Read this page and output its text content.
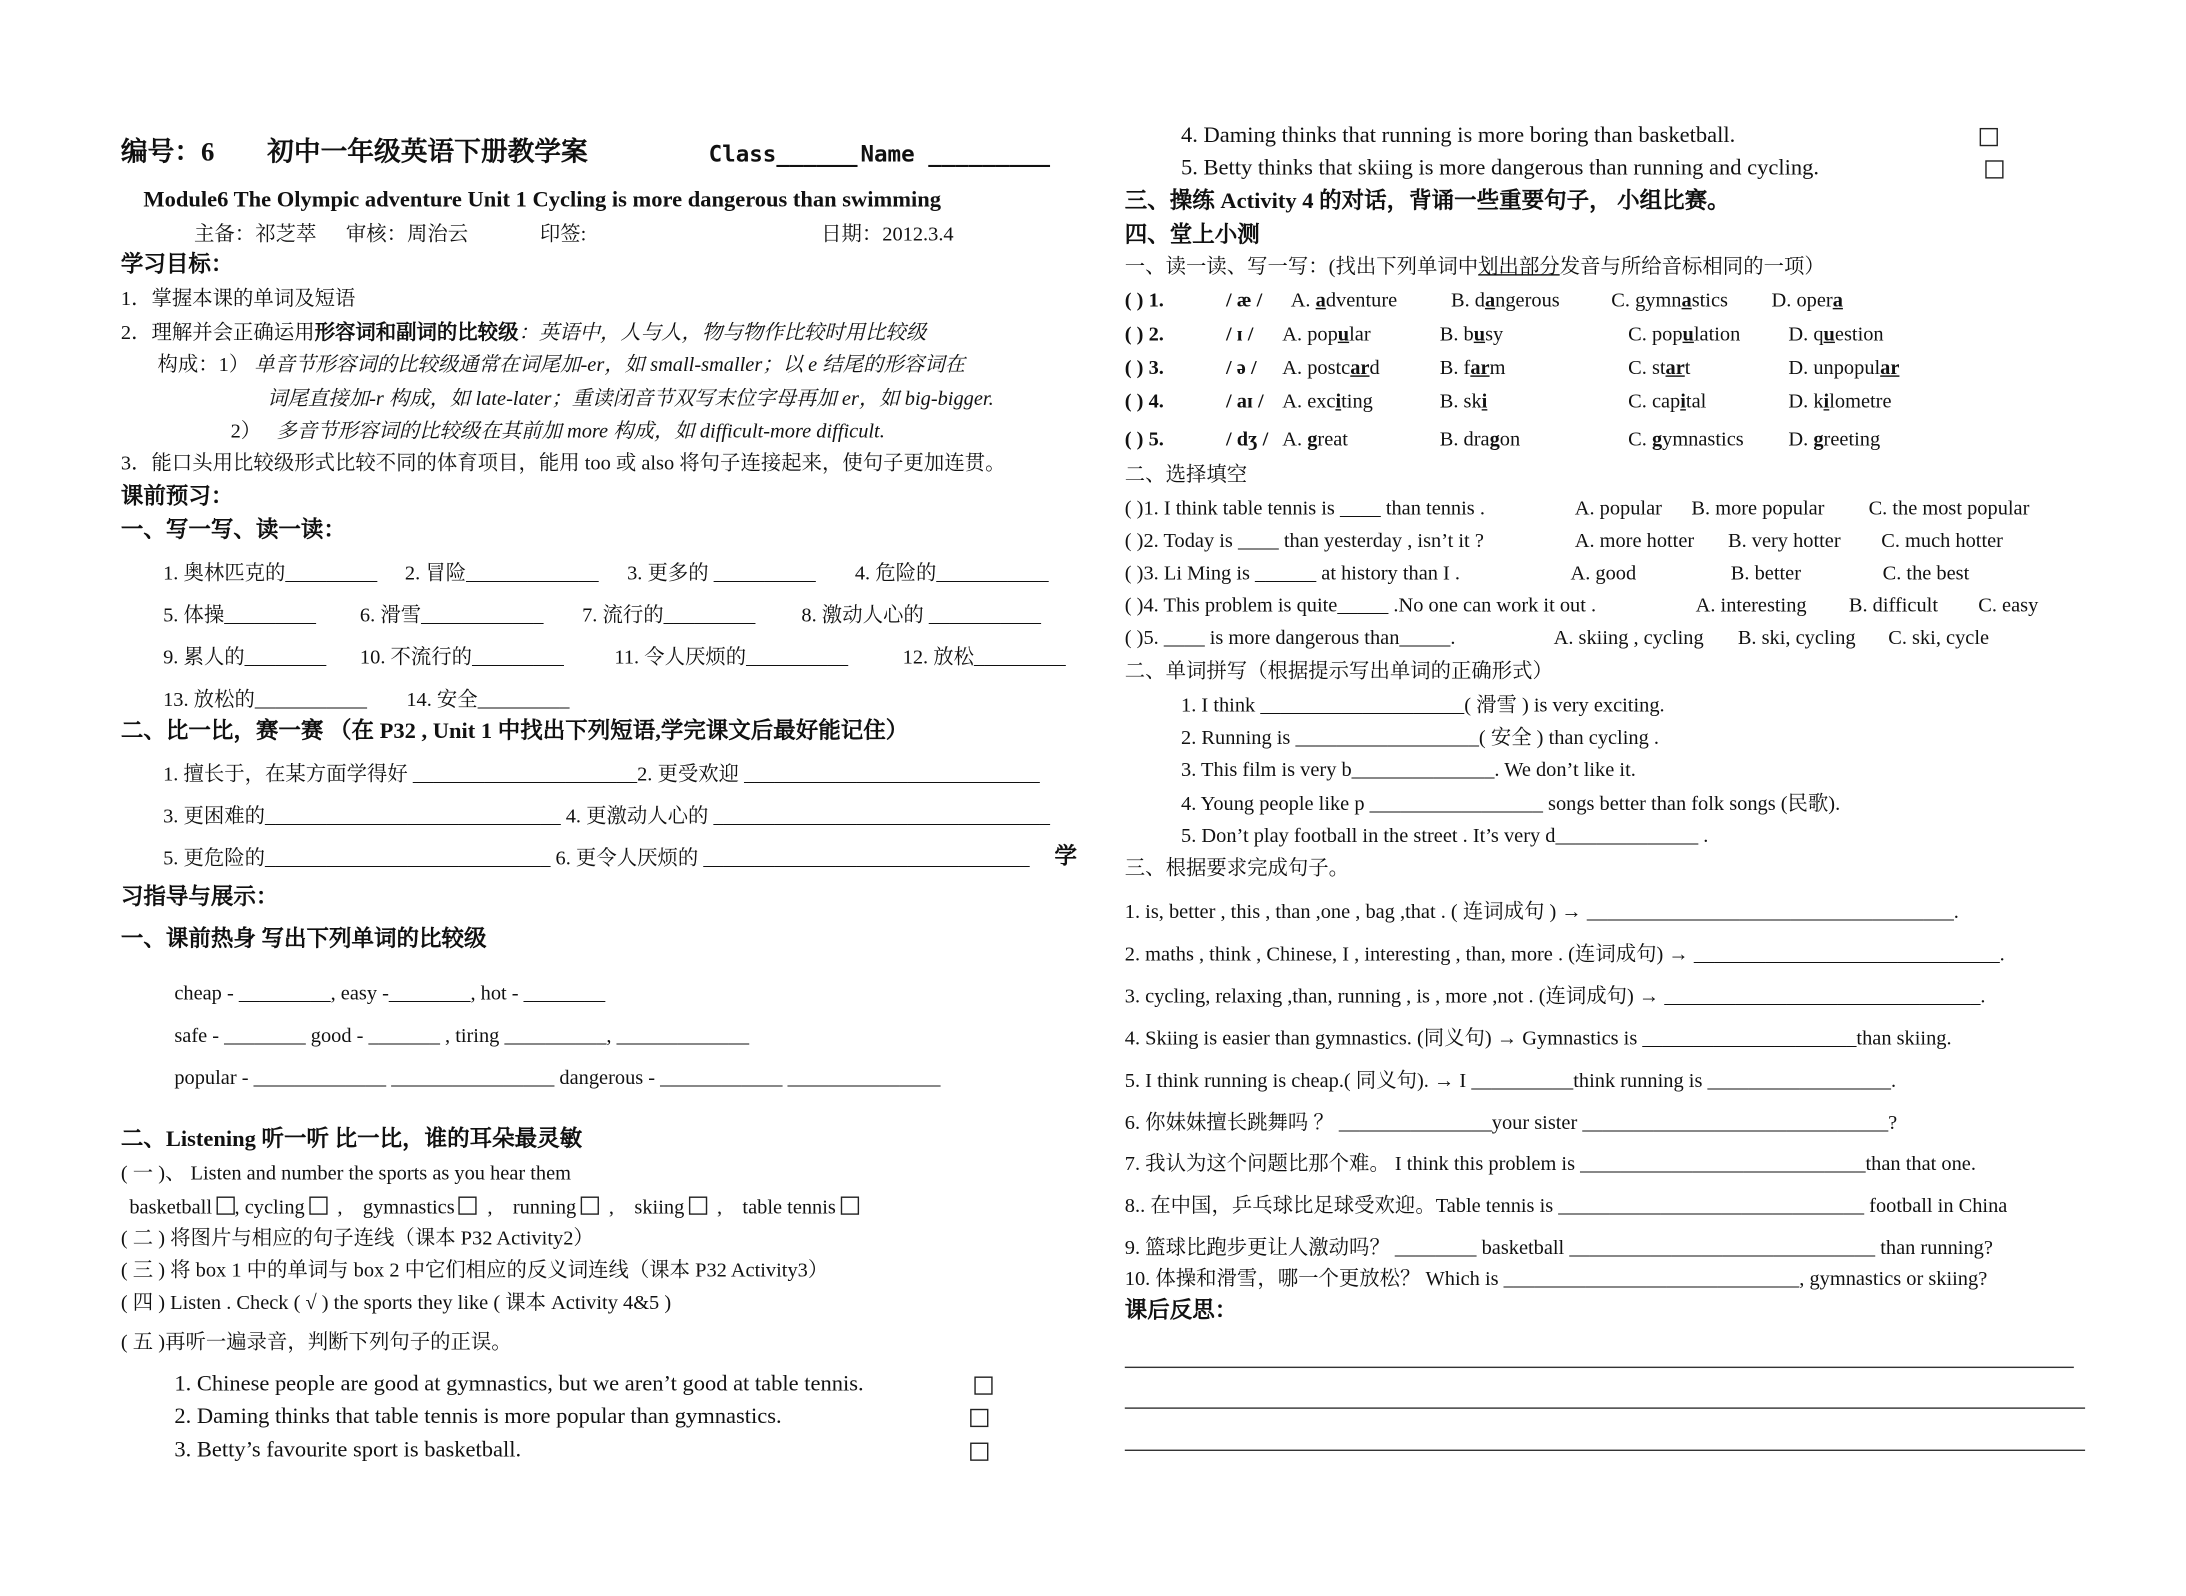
编号：6	初中一年级英语下册教学案	Class______ Name _________
Module6 The Olympic adventure Unit 1 Cycling is more dangerous than swimming
主备：祁芝萃 审核：周治云	印签:	日期：2012.3.4
学习目标：
1．掌握本课的单词及短语
2．理解并会正确运用形容词和副词的比较级：英语中，人与人，物与物作比较时用比较级
构成：1） 单音节形容词的比较级通常在词尾加-er，如 small-smaller；以 e 结尾的形容词在
词尾直接加-r 构成，如 late-later；重读闭音节双写末位字母再加 er，如 big-bigger.
2） 多音节形容词的比较级在其前加 more 构成，如 difficult-more difficult.
3．能口头用比较级形式比较不同的体育项目，能用 too 或 also 将句子连接起来，使句子更加连贯。
课前预习：
一、写一写、读一读：
1. 奥林匹克的_________ 2. 冒险_____________ 3. 更多的 __________	4. 危险的___________
5. 体操_________	6. 滑雪____________	7. 流行的_________	8. 激动人心的 ___________
9. 累人的________ 10. 不流行的_________	11. 令人厌烦的__________	12. 放松_________
13. 放松的___________	14. 安全_________
二、比一比，赛一赛 （在 P32 , Unit 1 中找出下列短语,学完课文后最好能记住）
1. 擅长于，在某方面学得好 ______________________2. 更受欢迎 _____________________________
3. 更困难的_____________________________ 4. 更激动人心的 _________________________________
5. 更危险的____________________________ 6. 更令人厌烦的 ________________________________ 学
习指导与展示：
一、课前热身 写出下列单词的比较级
cheap - _________, easy -________, hot - ________
safe - ________ good - _______ , tiring __________, _____________
popular - _____________ ________________ dangerous - ____________ _______________
二、Listening 听一听 比一比，谁的耳朵最灵敏
( 一 )、 Listen and number the sports as you hear them
basketball , cycling  ,    gymnastics  ,    running  ,    skiing  ,    table tennis
( 二 ) 将图片与相应的句子连线（课本 P32 Activity2）
( 三 ) 将 box 1 中的单词与 box 2 中它们相应的反义词连线（课本 P32 Activity3）
( 四 ) Listen . Check ( √ ) the sports they like ( 课本 Activity 4&5 )
( 五 )再听一遍录音，判断下列句子的正误。
1. Chinese people are good at gymnastics, but we aren’t good at table tennis.
2. Daming thinks that table tennis is more popular than gymnastics.
3. Betty’s favourite sport is basketball.
4. Daming thinks that running is more boring than basketball.
5. Betty thinks that skiing is more dangerous than running and cycling.
三、操练 Activity 4 的对话，背诵一些重要句子， 小组比赛。
四、堂上小测
一、读一读、写一写：(找出下列单词中划出部分发音与所给音标相同的一项）
( ) 1.	/ æ / A. adventure	B. dangerous	C. gymnastics	D. opera
( ) 2.	/ ɪ / A. popular	B. busy	C. population	D. question
( ) 3.	/ ə / A. postcard	B. farm	C. start	D. unpopular
( ) 4.	/ aɪ / A. exciting	B. ski	C. capital	D. kilometre
( ) 5.	/ dʒ / A. great	B. dragon	C. gymnastics	D. greeting
二、选择填空
( )1. I think table tennis is ____ than tennis .	A. popular B. more popular	C. the most popular
( )2. Today is ____ than yesterday , isn’t it ?	A. more hotter B. very hotter	C. much hotter
( )3. Li Ming is ______ at history than I .	A. good	B. better	C. the best
( )4. This problem is quite_____ .No one can work it out .	A. interesting	B. difficult	C. easy
( )5. ____ is more dangerous than_____.	A. skiing , cycling B. ski, cycling C. ski, cycle
二、单词拼写（根据提示写出单词的正确形式）
1. I think ____________________( 滑雪 ) is very exciting.
2. Running is __________________( 安全 ) than cycling .
3. This film is very b______________. We don’t like it.
4. Young people like p _________________ songs better than folk songs (民歌).
5. Don’t play football in the street . It’s very d______________ .
三、根据要求完成句子。
1. is, better , this , than ,one , bag ,that . ( 连词成句 ) → ____________________________________.
2. maths , think , Chinese, I , interesting , than, more . (连词成句) → ______________________________.
3. cycling, relaxing ,than, running , is , more ,not . (连词成句) → _______________________________.
4. Skiing is easier than gymnastics. (同义句) → Gymnastics is _____________________than skiing.
5. I think running is cheap.( 同义句). → I __________think running is __________________.
6. 你妹妹擅长跳舞吗 ？ _______________your sister ______________________________?
7. 我认为这个问题比那个难。 I think this problem is ____________________________than that one.
8.. 在中国，乒乓球比足球受欢迎。Table tennis is ______________________________ football in China
9. 篮球比跑步更让人激动吗？ ________ basketball ______________________________ than running?
10. 体操和滑雪，哪一个更放松？ Which is _____________________________, gymnastics or skiing?
课后反思：
